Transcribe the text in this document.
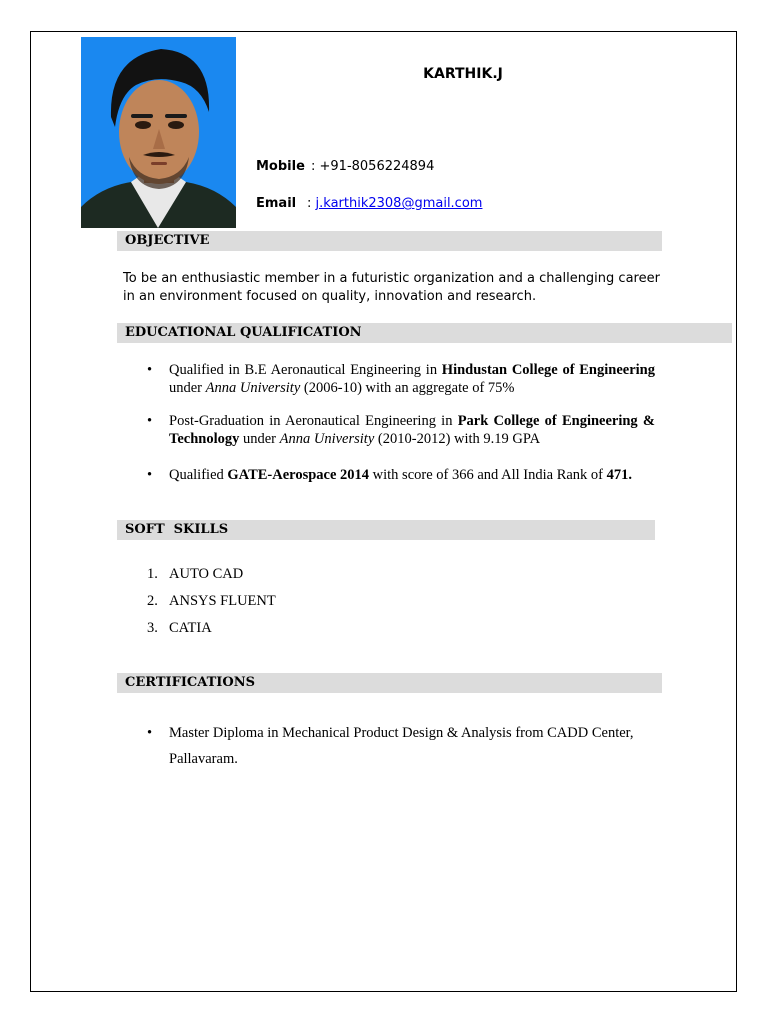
KARTHIK.J
Mobile : +91-8056224894
Email : j.karthik2308@gmail.com
OBJECTIVE
To be an enthusiastic member in a futuristic organization and a challenging career in an environment focused on quality, innovation and research.
EDUCATIONAL QUALIFICATION
• Qualified in B.E Aeronautical Engineering in Hindustan College of Engineering under Anna University (2006-10) with an aggregate of 75%
• Post-Graduation in Aeronautical Engineering in Park College of Engineering & Technology under Anna University (2010-2012) with 9.19 GPA
• Qualified GATE-Aerospace 2014 with score of 366 and All India Rank of 471.
SOFT  SKILLS
1. AUTO CAD
2. ANSYS FLUENT
3. CATIA
CERTIFICATIONS
• Master Diploma in Mechanical Product Design & Analysis from CADD Center, Pallavaram.
